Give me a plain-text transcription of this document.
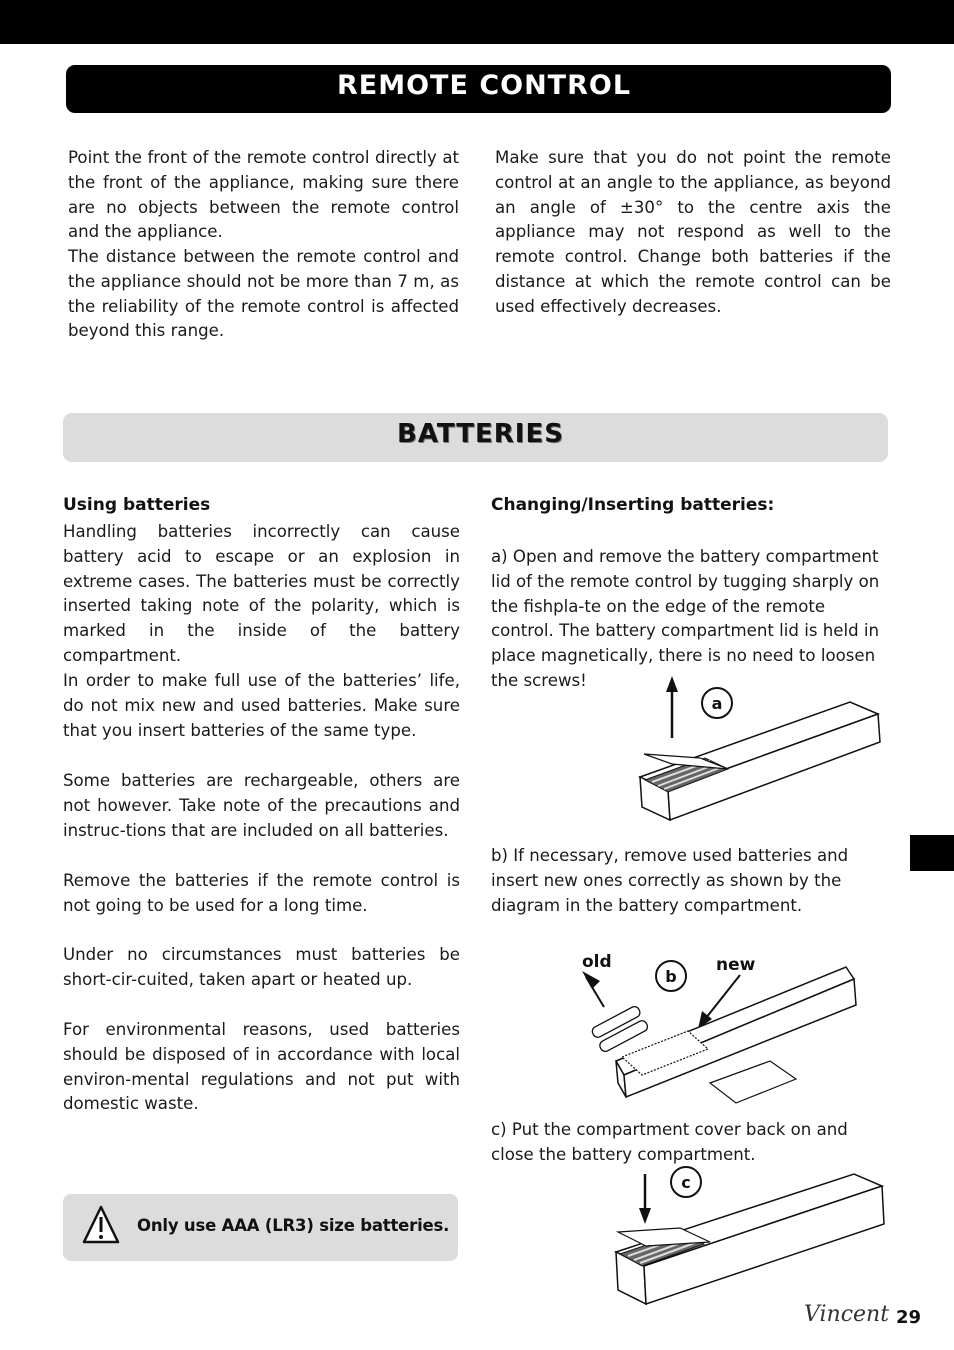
REMOTE CONTROL

Point the front of the remote control directly at the front of the appliance, making sure there are no objects between the remote control and the appliance.

The distance between the remote control and the appliance should not be more than 7 m, as the reliability of the remote control is affected beyond this range.

Make sure that you do not point the remote control at an angle to the appliance, as beyond an angle of ±30° to the centre axis the appliance may not respond as well to the remote control. Change both batteries if the distance at which the remote control can be used effectively decreases.

BATTERIES

Using batteries

Handling batteries incorrectly can cause battery acid to escape or an explosion in extreme cases. The batteries must be correctly inserted taking note of the polarity, which is marked in the inside of the battery compartment.

In order to make full use of the batteries’ life, do not mix new and used batteries. Make sure that you insert batteries of the same type.

Some batteries are rechargeable, others are not however. Take note of the precautions and instruc-tions that are included on all batteries.

Remove the batteries if the remote control is not going to be used for a long time.

Under no circumstances must batteries be short-cir-cuited, taken apart or heated up.

For environmental reasons, used batteries should be disposed of in accordance with local environ-mental regulations and not put with domestic waste.

Only use AAA (LR3) size batteries.

Changing/Inserting batteries:

a) Open and remove the battery compartment lid of the remote control by tugging sharply on the fishpla-te on the edge of the remote control. The battery compartment lid is held in place magnetically, there is no need to loosen the screws!

a

b) If necessary, remove used batteries and insert new ones correctly as shown by the diagram in the battery compartment.

old	new
b

c) Put the compartment cover back on and close the battery compartment.

c
Vincent 29
